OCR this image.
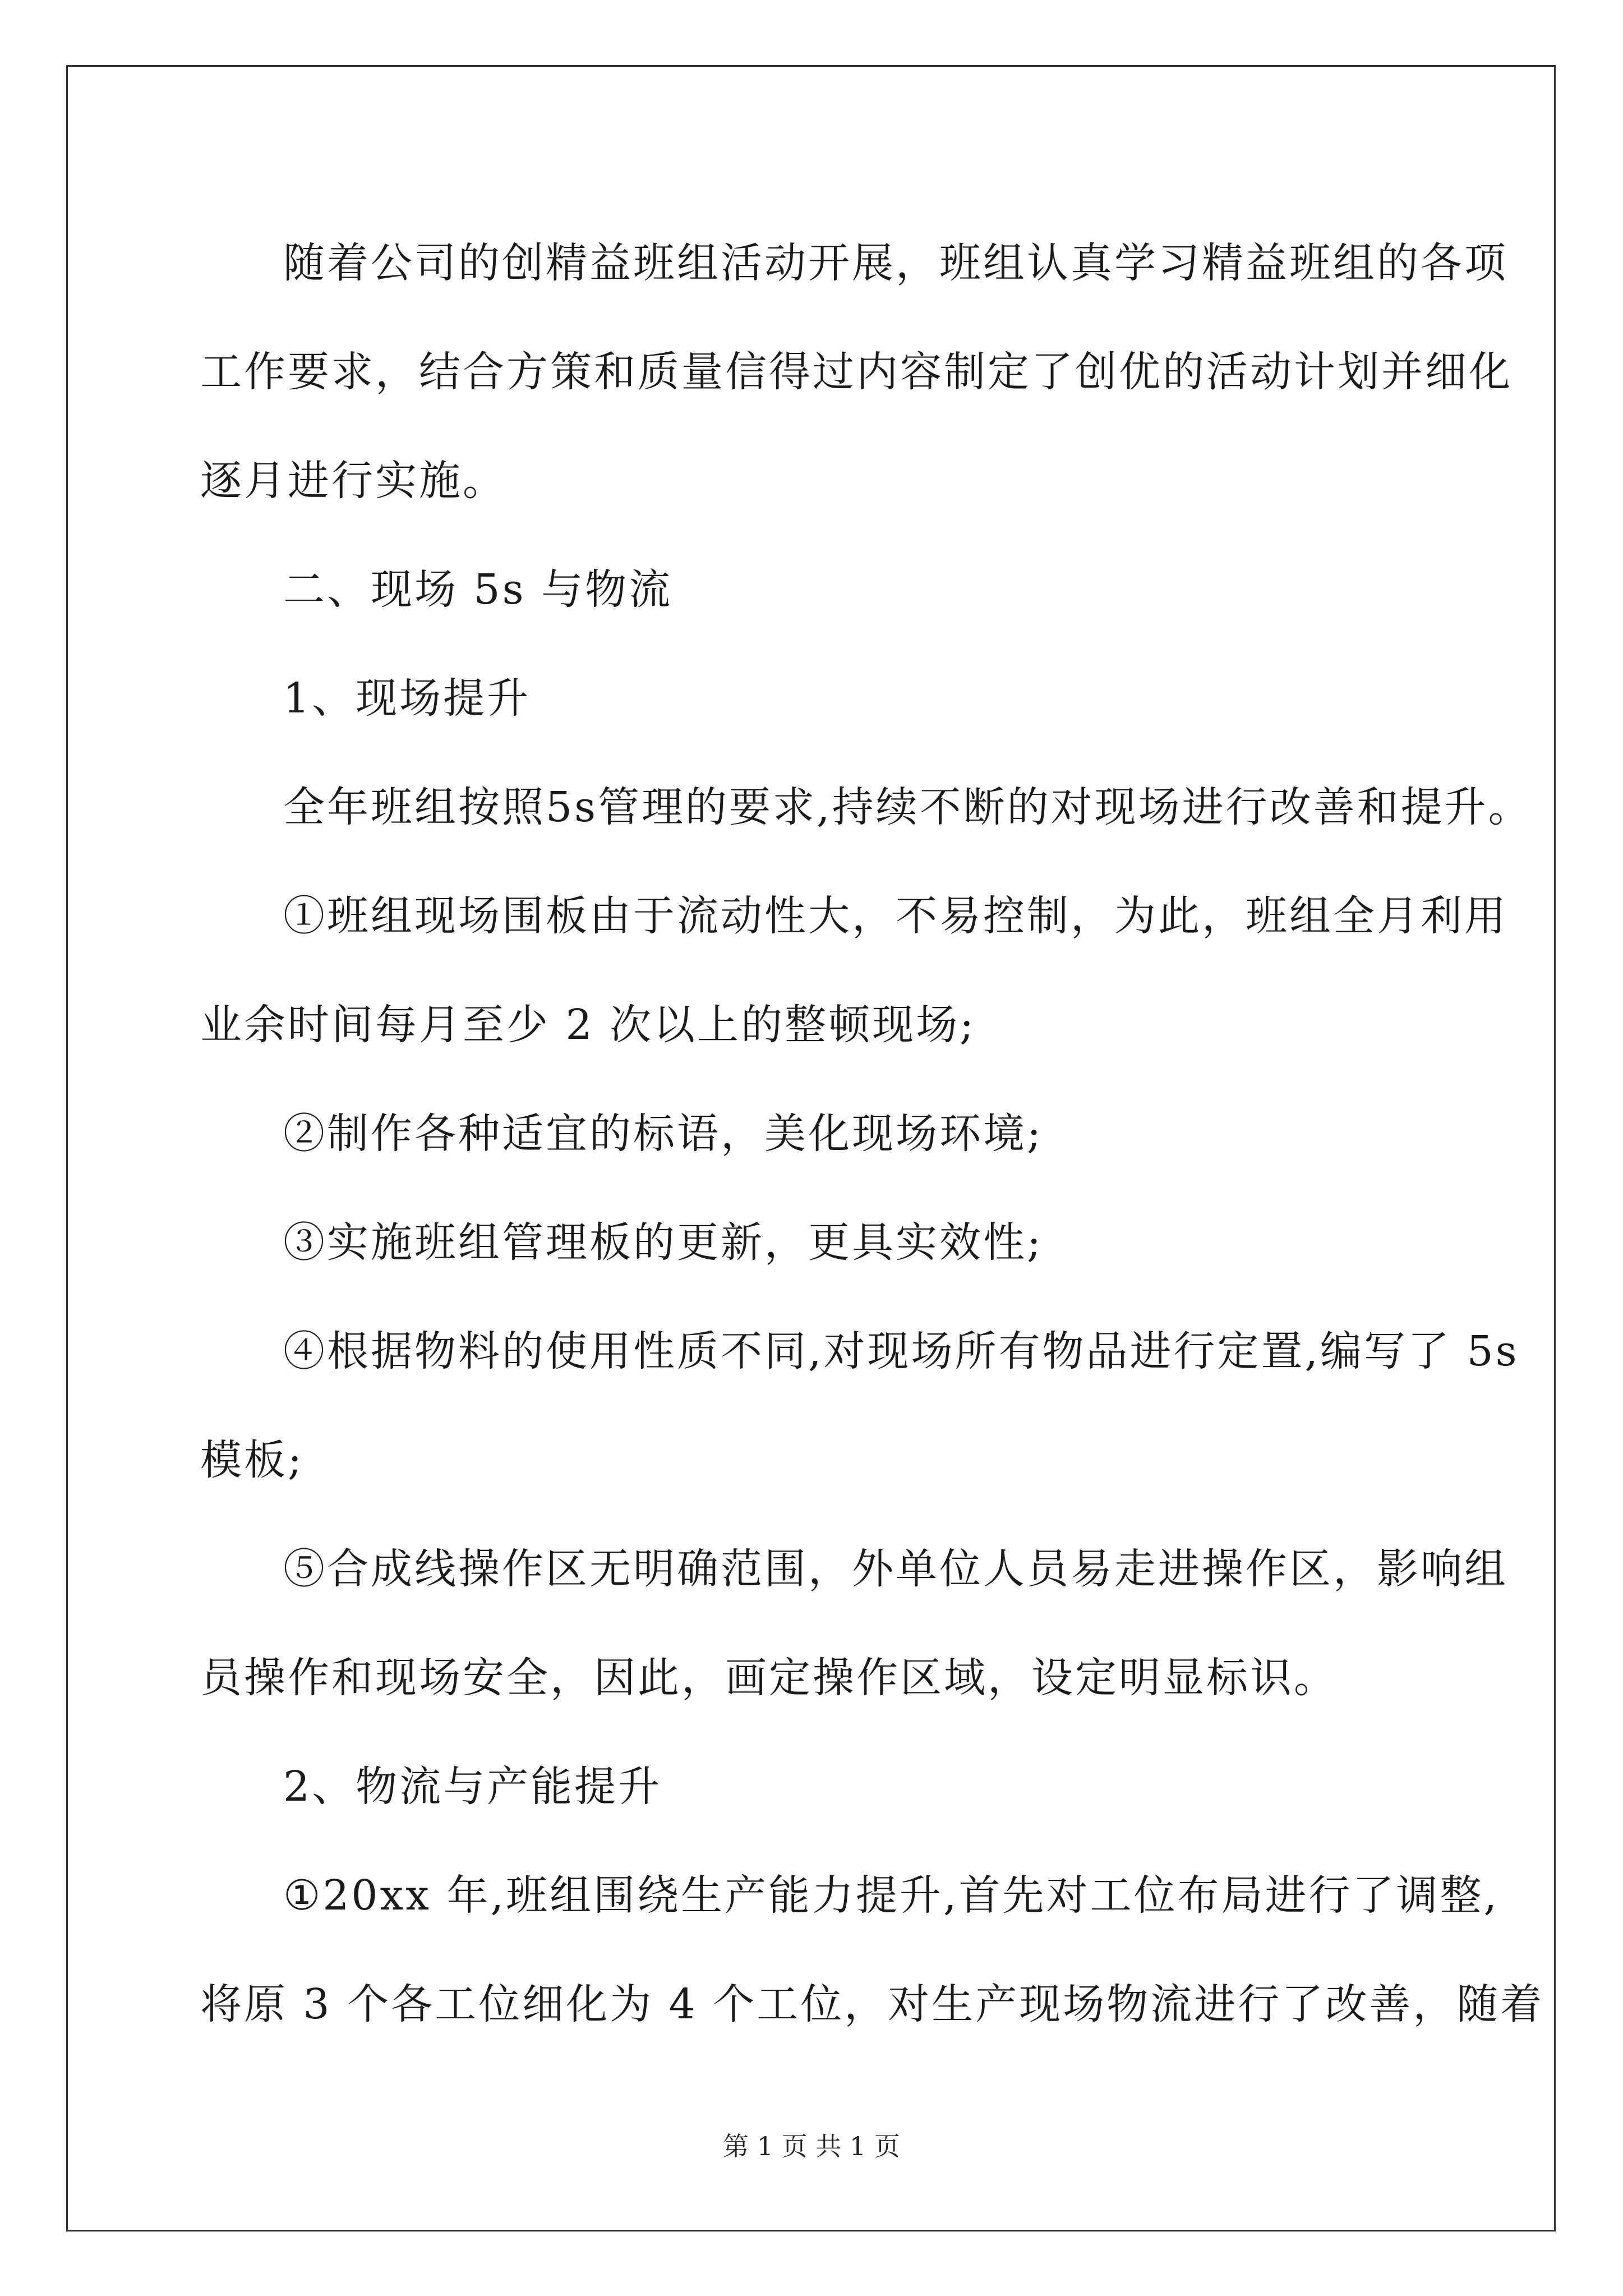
随着公司的创精益班组活动开展，班组认真学习精益班组的各项
工作要求，结合方策和质量信得过内容制定了创优的活动计划并细化
逐月进行实施。

二、现场 5s 与物流

1、现场提升

全年班组按照5s管理的要求,持续不断的对现场进行改善和提升。

①班组现场围板由于流动性大，不易控制，为此，班组全月利用
业余时间每月至少 2 次以上的整顿现场;

②制作各种适宜的标语，美化现场环境;

③实施班组管理板的更新，更具实效性;

④根据物料的使用性质不同,对现场所有物品进行定置,编写了 5s
模板;

⑤合成线操作区无明确范围，外单位人员易走进操作区，影响组
员操作和现场安全，因此，画定操作区域，设定明显标识。

2、物流与产能提升

①20xx 年,班组围绕生产能力提升,首先对工位布局进行了调整,
将原 3 个各工位细化为 4 个工位，对生产现场物流进行了改善，随着

第 1 页 共 1 页
